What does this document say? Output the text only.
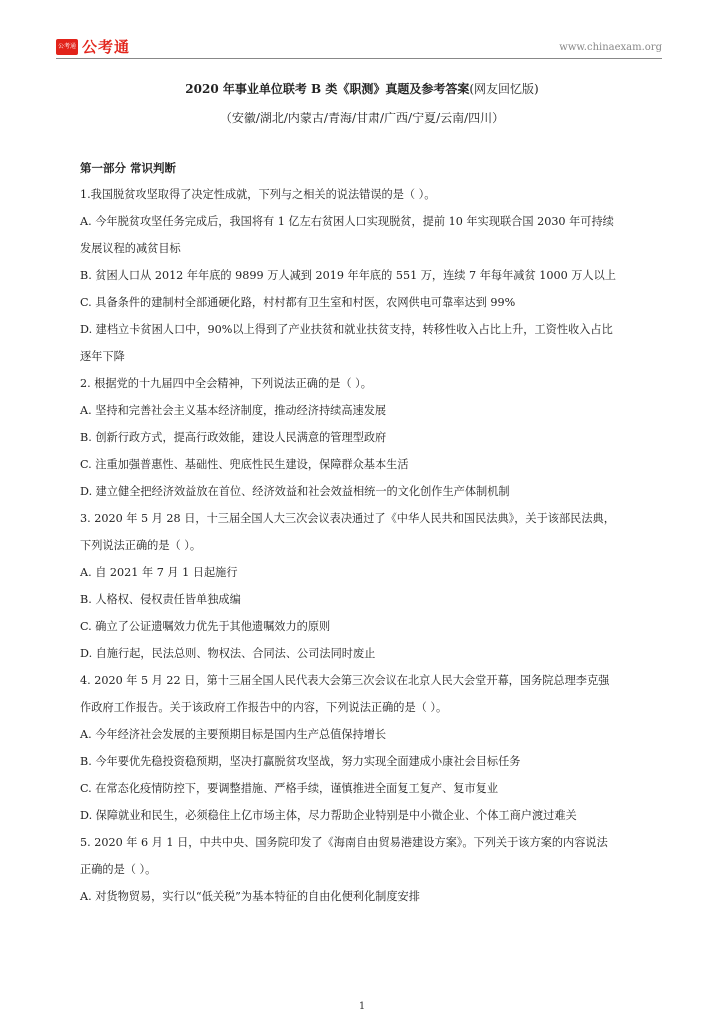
公考通 公考通	www.chinaexam.org
2020 年事业单位联考 B 类《职测》真题及参考答案(网友回忆版)
（安徽/湖北/内蒙古/青海/甘肃/广西/宁夏/云南/四川）
第一部分 常识判断
1.我国脱贫攻坚取得了决定性成就，下列与之相关的说法错误的是（ ）。
A. 今年脱贫攻坚任务完成后，我国将有 1 亿左右贫困人口实现脱贫，提前 10 年实现联合国 2030 年可持续
发展议程的减贫目标
B. 贫困人口从 2012 年年底的 9899 万人减到 2019 年年底的 551 万，连续 7 年每年减贫 1000 万人以上
C. 具备条件的建制村全部通硬化路，村村都有卫生室和村医，农网供电可靠率达到 99%
D. 建档立卡贫困人口中，90%以上得到了产业扶贫和就业扶贫支持，转移性收入占比上升，工资性收入占比
逐年下降
2. 根据党的十九届四中全会精神，下列说法正确的是（ ）。
A. 坚持和完善社会主义基本经济制度，推动经济持续高速发展
B. 创新行政方式，提高行政效能，建设人民满意的管理型政府
C. 注重加强普惠性、基础性、兜底性民生建设，保障群众基本生活
D. 建立健全把经济效益放在首位、经济效益和社会效益相统一的文化创作生产体制机制
3. 2020 年 5 月 28 日，十三届全国人大三次会议表决通过了《中华人民共和国民法典》，关于该部民法典，
下列说法正确的是（ ）。
A. 自 2021 年 7 月 1 日起施行
B. 人格权、侵权责任皆单独成编
C. 确立了公证遗嘱效力优先于其他遗嘱效力的原则
D. 自施行起，民法总则、物权法、合同法、公司法同时废止
4. 2020 年 5 月 22 日，第十三届全国人民代表大会第三次会议在北京人民大会堂开幕，国务院总理李克强
作政府工作报告。关于该政府工作报告中的内容，下列说法正确的是（ ）。
A. 今年经济社会发展的主要预期目标是国内生产总值保持增长
B. 今年要优先稳投资稳预期，坚决打赢脱贫攻坚战，努力实现全面建成小康社会目标任务
C. 在常态化疫情防控下，要调整措施、严格手续，谨慎推进全面复工复产、复市复业
D. 保障就业和民生，必须稳住上亿市场主体，尽力帮助企业特别是中小微企业、个体工商户渡过难关
5. 2020 年 6 月 1 日，中共中央、国务院印发了《海南自由贸易港建设方案》。下列关于该方案的内容说法
正确的是（ ）。
A. 对货物贸易，实行以“低关税”为基本特征的自由化便利化制度安排
1
